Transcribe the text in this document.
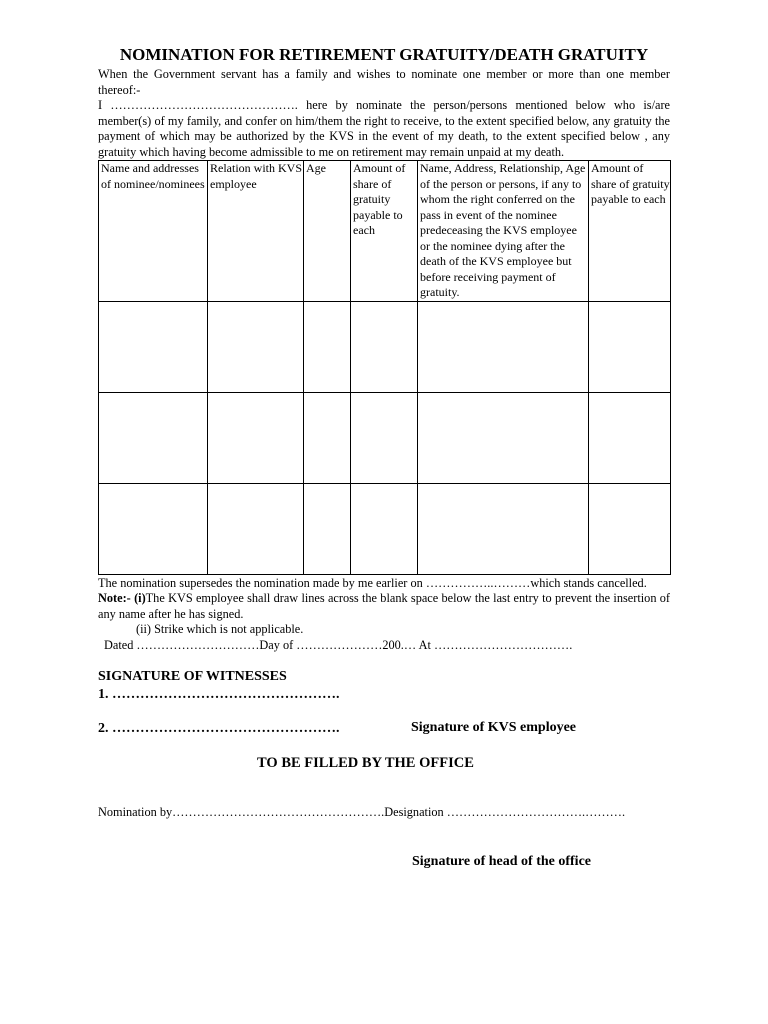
NOMINATION FOR RETIREMENT GRATUITY/DEATH GRATUITY

When the Government servant has a family and wishes to nominate one member or more than one member thereof:-

I ………………………………………. here by nominate the person/persons mentioned below who is/are member(s) of my family, and confer on him/them the right to receive, to the extent specified below, any gratuity the payment of which may be authorized by the KVS in the event of my death, to the extent specified below , any gratuity which having become admissible to me on retirement may remain unpaid at my death.

Name and addresses of nominee/nominees	Relation with KVS employee	Age	Amount of share of gratuity payable to each	Name, Address, Relationship, Age of the person or persons, if any to whom the right conferred on the pass in event of the nominee predeceasing the KVS employee or the nominee dying after the death of the KVS employee but before receiving payment of gratuity.	Amount of share of gratuity payable to each

The nomination supersedes the nomination made by me earlier on ……………..………which stands cancelled.
Note:- (i)The KVS employee shall draw lines across the blank space below the last entry to prevent the insertion of any name after he has signed.
(ii) Strike which is not applicable.
Dated …………………………Day of …………………200.… At …………………………….
SIGNATURE OF WITNESSES
1. ………………………………………….
2. ………………………………………….	Signature of KVS employee
TO BE FILLED BY THE OFFICE
Nomination by…………………………………………….Designation …………………………….……….
Signature of head of the office
